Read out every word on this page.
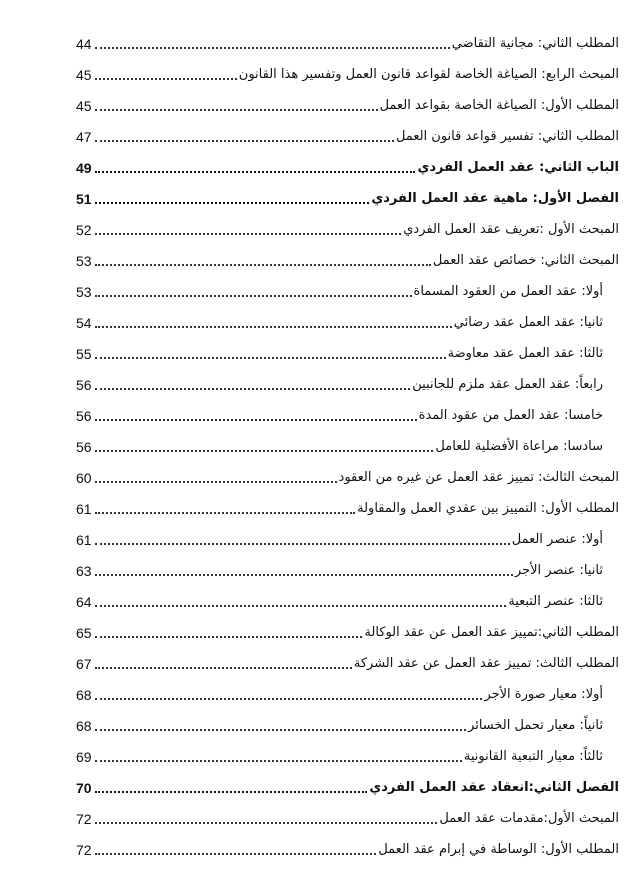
المطلب الثاني: مجانية التقاضي
44
المبحث الرابع: الصياغة الخاصة لقواعد قانون العمل وتفسير هذا القانون
45
المطلب الأول: الصياغة الخاصة بقواعد العمل
45
المطلب الثاني: تفسير قواعد قانون العمل
47
الباب الثاني: عقد العمل الفردي
49
الفصل الأول: ماهية عقد العمل الفردي
51
المبحث الأول :تعريف عقد العمل الفردي
52
المبحث الثاني: خصائص عقد العمل
53
أولا: عقد العمل من العقود المسماة
53
ثانيا: عقد العمل عقد رضائي
54
ثالثا: عقد العمل عقد معاوضة
55
رابعاً: عقد العمل عقد ملزم للجانبين
56
خامسا: عقد العمل من عقود المدة
56
سادسا: مراعاة الأفضلية للعامل
56
المبحث الثالث: تمييز عقد العمل عن غيره من العقود
60
المطلب الأول: التمييز بين عقدي العمل والمقاولة
61
أولا: عنصر العمل
61
ثانيا: عنصر الأجر
63
ثالثا: عنصر التبعية
64
المطلب الثاني:تمييز عقد العمل عن عقد الوكالة
65
المطلب الثالث: تمييز عقد العمل عن عقد الشركة
67
أولا: معيار صورة الأجر
68
ثانياً: معيار تحمل الخسائر
68
ثالثاً: معيار التبعية القانونية
69
الفصل الثاني:انعقاد عقد العمل الفردي
70
المبحث الأول:مقدمات عقد العمل
72
المطلب الأول: الوساطة في إبرام عقد العمل
72
